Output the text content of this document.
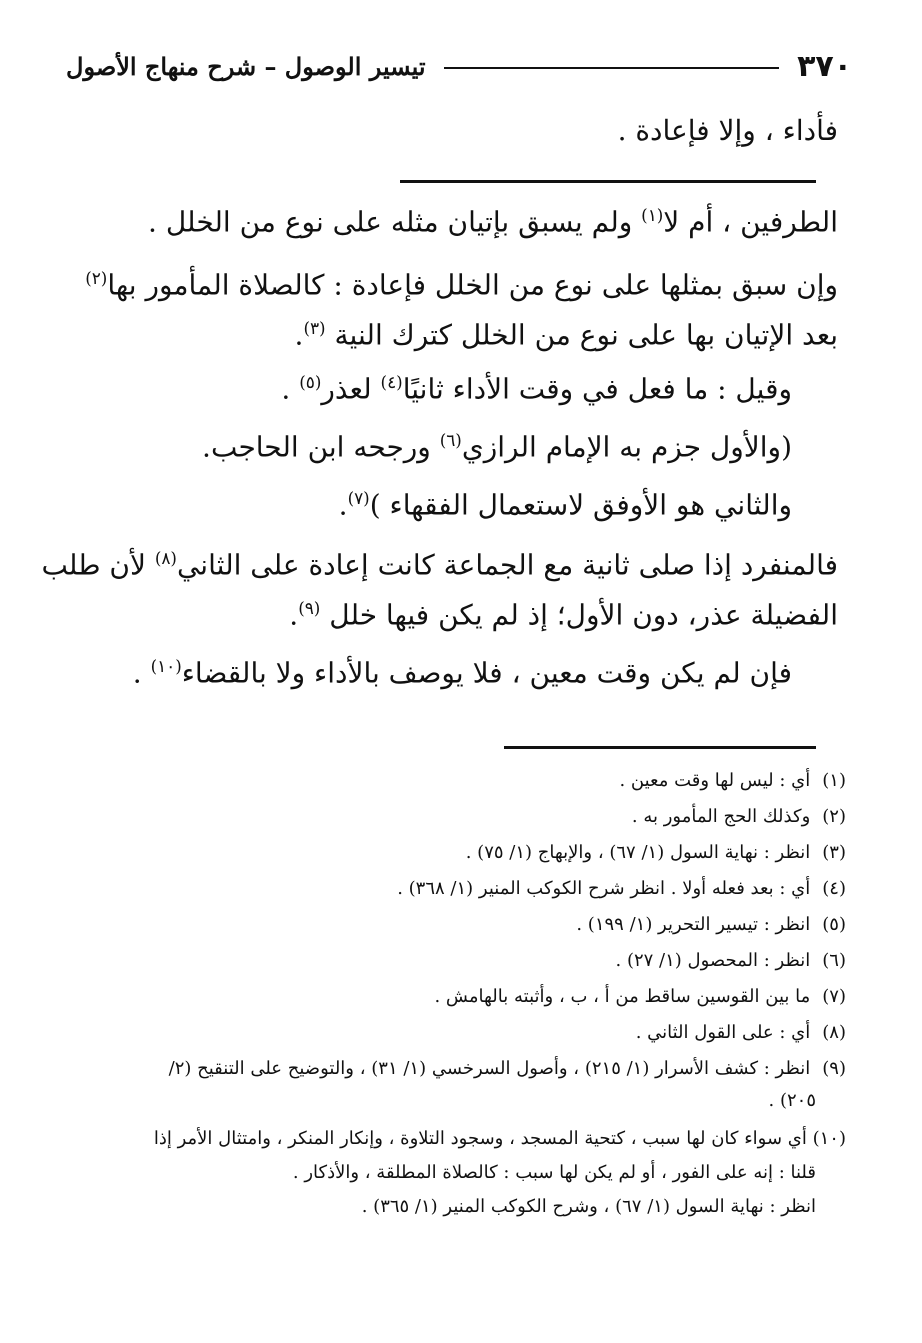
٣٧٠
تيسير الوصول – شرح منهاج الأصول
فأداء ، وإلا فإعادة .
الطرفين ، أم لا$^{(١)}$ ولم يسبق بإتيان مثله على نوع من الخلل .
وإن سبق بمثلها على نوع من الخلل فإعادة : كالصلاة المأمور بها$^{(٢)}$
بعد الإتيان بها على نوع من الخلل كترك النية $^{(٣)}$.
وقيل : ما فعل في وقت الأداء ثانيًا$^{(٤)}$ لعذر$^{(٥)}$ .
(والأول جزم به الإمام الرازي$^{(٦)}$ ورجحه ابن الحاجب.
والثاني هو الأوفق لاستعمال الفقهاء )$^{(٧)}$.
فالمنفرد إذا صلى ثانية مع الجماعة كانت إعادة على الثاني$^{(٨)}$ لأن طلب
الفضيلة عذر، دون الأول؛ إذ لم يكن فيها خلل $^{(٩)}$.
فإن لم يكن وقت معين ، فلا يوصف بالأداء ولا بالقضاء$^{(١٠)}$ .
(١) أي : ليس لها وقت معين .
(٢) وكذلك الحج المأمور به .
(٣) انظر : نهاية السول (١/ ٦٧) ، والإبهاج (١/ ٧٥) .
(٤) أي : بعد فعله أولا . انظر شرح الكوكب المنير (١/ ٣٦٨) .
(٥) انظر : تيسير التحرير (١/ ١٩٩) .
(٦) انظر : المحصول (١/ ٢٧) .
(٧) ما بين القوسين ساقط من أ ، ب ، وأثبته بالهامش .
(٨) أي : على القول الثاني .
(٩) انظر : كشف الأسرار (١/ ٢١٥) ، وأصول السرخسي (١/ ٣١) ، والتوضيح على التنقيح (٢/
٢٠٥) .
(١٠) أي سواء كان لها سبب ، كتحية المسجد ، وسجود التلاوة ، وإنكار المنكر ، وامتثال الأمر إذا
قلنا : إنه على الفور ، أو لم يكن لها سبب : كالصلاة المطلقة ، والأذكار .
انظر : نهاية السول (١/ ٦٧) ، وشرح الكوكب المنير (١/ ٣٦٥) .
